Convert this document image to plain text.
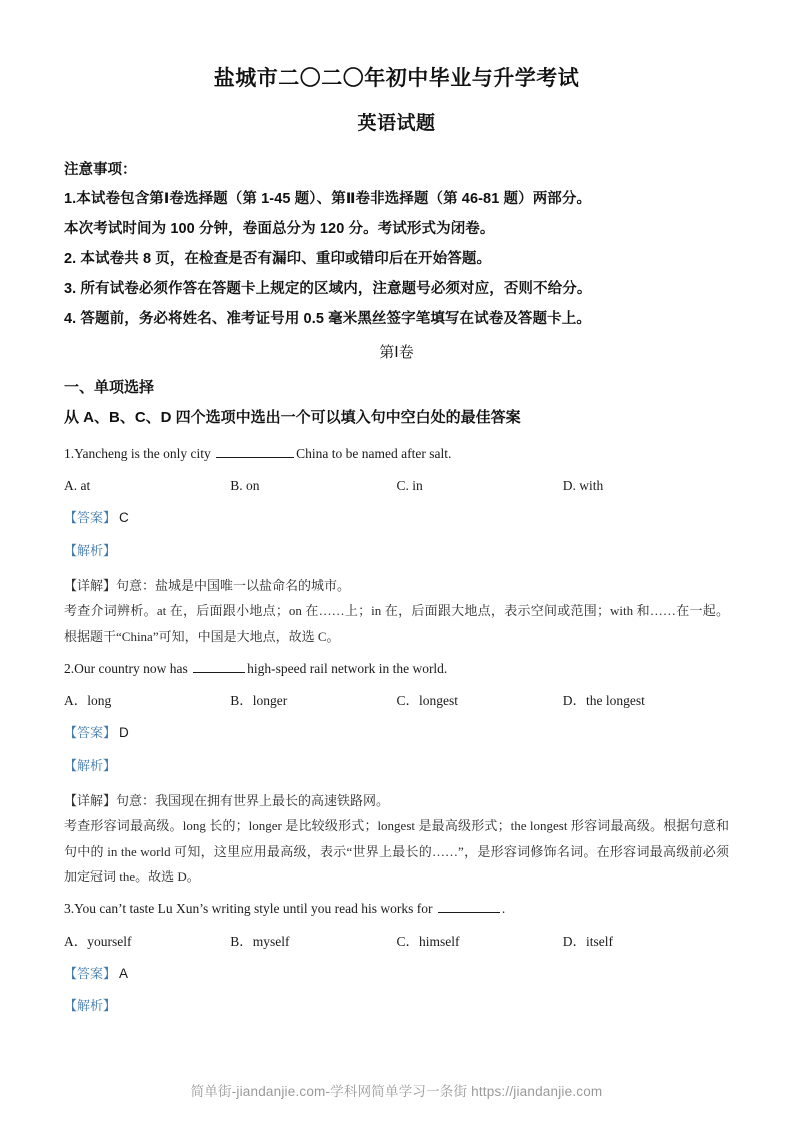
盐城市二〇二〇年初中毕业与升学考试
英语试题
注意事项：

1.本试卷包含第Ⅰ卷选择题（第 1-45 题）、第Ⅱ卷非选择题（第 46-81 题）两部分。

本次考试时间为 100 分钟，卷面总分为 120 分。考试形式为闭卷。

2. 本试卷共 8 页，在检查是否有漏印、重印或错印后在开始答题。

3. 所有试卷必须作答在答题卡上规定的区域内，注意题号必须对应，否则不给分。

4. 答题前，务必将姓名、准考证号用 0.5 毫米黑丝签字笔填写在试卷及答题卡上。

第Ⅰ卷
一、单项选择
从 A、B、C、D 四个选项中选出一个可以填入句中空白处的最佳答案

1.Yancheng is the only city	China to be named after salt.

A. at	B. on	C. in	D. with
【答案】 C
【解析】

【详解】句意：盐城是中国唯一以盐命名的城市。

考查介词辨析。at 在，后面跟小地点；on 在……上；in 在，后面跟大地点，表示空间或范围；with 和……在一起。根据题干“China”可知，中国是大地点，故选 C。

2.Our country now has	high-speed rail network in the world.

A．long	B．longer	C．longest	D．the longest
【答案】 D
【解析】

【详解】句意：我国现在拥有世界上最长的高速铁路网。

考查形容词最高级。long 长的；longer 是比较级形式；longest 是最高级形式；the longest 形容词最高级。根据句意和句中的 in the world 可知，这里应用最高级，表示“世界上最长的……”，是形容词修饰名词。在形容词最高级前必须加定冠词 the。故选 D。

3.You can’t taste Lu Xun’s writing style until you read his works for	.

A．yourself	B．myself	C．himself	D．itself
【答案】 A
【解析】
简单街-jiandanjie.com-学科网简单学习一条街 https://jiandanjie.com
